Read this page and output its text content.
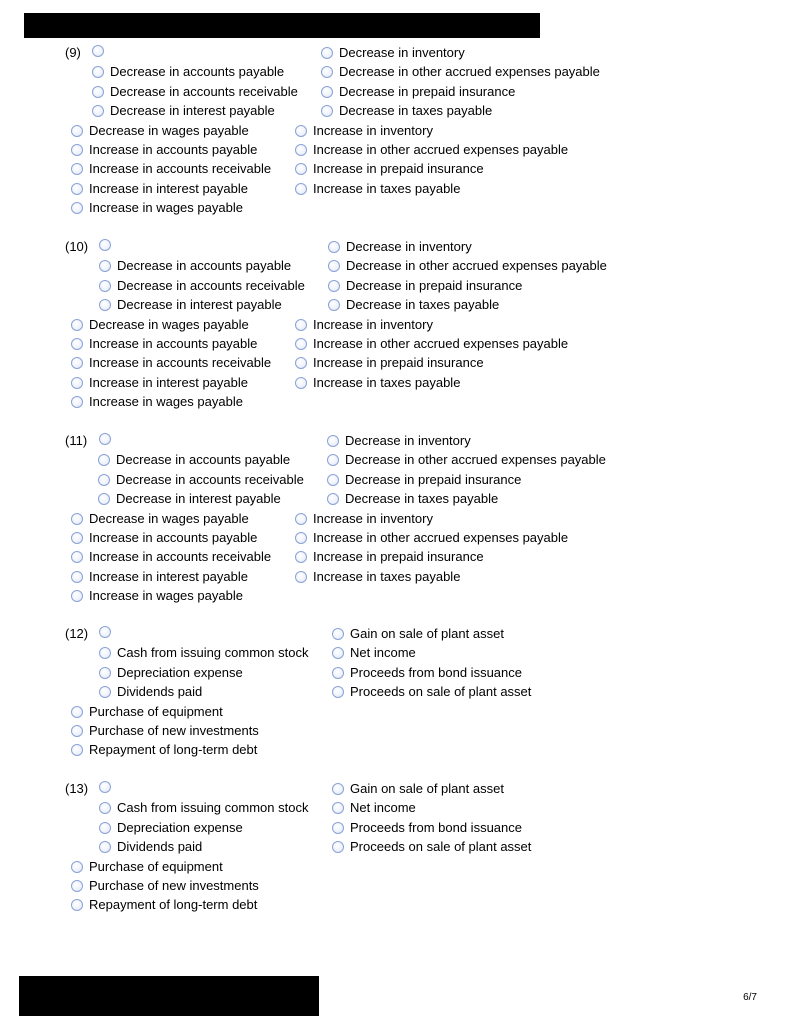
(9)	Decrease in inventory
Decrease in accounts payable	Decrease in other accrued expenses payable
Decrease in accounts receivable	Decrease in prepaid insurance
Decrease in interest payable	Decrease in taxes payable
Decrease in wages payable	Increase in inventory
Increase in accounts payable	Increase in other accrued expenses payable
Increase in accounts receivable	Increase in prepaid insurance
Increase in interest payable	Increase in taxes payable
Increase in wages payable
(10)	Decrease in inventory
Decrease in accounts payable	Decrease in other accrued expenses payable
Decrease in accounts receivable	Decrease in prepaid insurance
Decrease in interest payable	Decrease in taxes payable
Decrease in wages payable	Increase in inventory
Increase in accounts payable	Increase in other accrued expenses payable
Increase in accounts receivable	Increase in prepaid insurance
Increase in interest payable	Increase in taxes payable
Increase in wages payable
(11)	Decrease in inventory
Decrease in accounts payable	Decrease in other accrued expenses payable
Decrease in accounts receivable	Decrease in prepaid insurance
Decrease in interest payable	Decrease in taxes payable
Decrease in wages payable	Increase in inventory
Increase in accounts payable	Increase in other accrued expenses payable
Increase in accounts receivable	Increase in prepaid insurance
Increase in interest payable	Increase in taxes payable
Increase in wages payable
(12)	Gain on sale of plant asset
Cash from issuing common stock	Net income
Depreciation expense	Proceeds from bond issuance
Dividends paid	Proceeds on sale of plant asset
Purchase of equipment
Purchase of new investments
Repayment of long-term debt
(13)	Gain on sale of plant asset
Cash from issuing common stock	Net income
Depreciation expense	Proceeds from bond issuance
Dividends paid	Proceeds on sale of plant asset
Purchase of equipment
Purchase of new investments
Repayment of long-term debt
6/7
